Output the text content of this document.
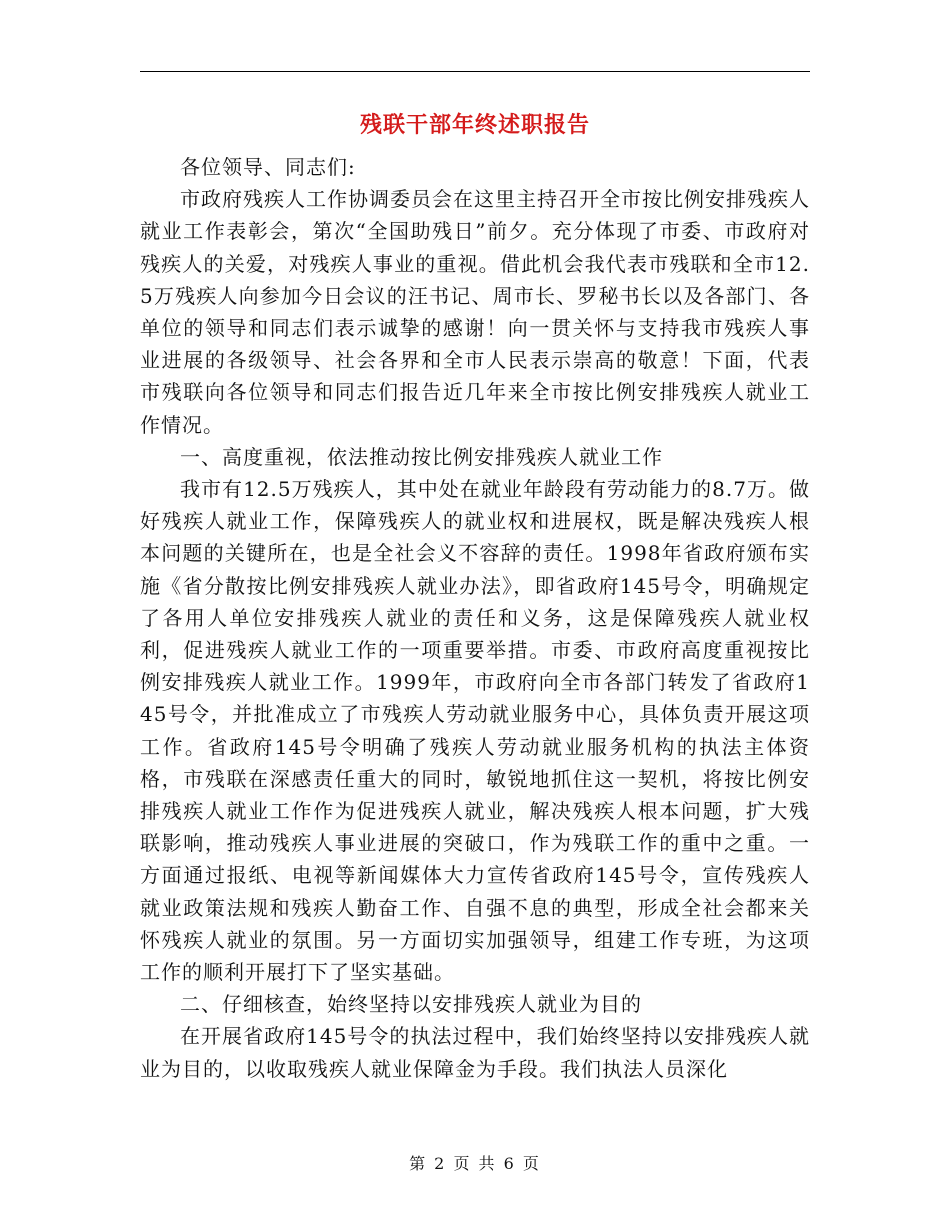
残联干部年终述职报告

各位领导、同志们:

市政府残疾人工作协调委员会在这里主持召开全市按比例安排残疾人就业工作表彰会，第次“全国助残日”前夕。充分体现了市委、市政府对残疾人的关爱，对残疾人事业的重视。借此机会我代表市残联和全市12.5万残疾人向参加今日会议的汪书记、周市长、罗秘书长以及各部门、各单位的领导和同志们表示诚挚的感谢！向一贯关怀与支持我市残疾人事业进展的各级领导、社会各界和全市人民表示崇高的敬意！下面，代表市残联向各位领导和同志们报告近几年来全市按比例安排残疾人就业工作情况。

一、高度重视，依法推动按比例安排残疾人就业工作

我市有12.5万残疾人，其中处在就业年龄段有劳动能力的8.7万。做好残疾人就业工作，保障残疾人的就业权和进展权，既是解决残疾人根本问题的关键所在，也是全社会义不容辞的责任。1998年省政府颁布实施《省分散按比例安排残疾人就业办法》，即省政府145号令，明确规定了各用人单位安排残疾人就业的责任和义务，这是保障残疾人就业权利，促进残疾人就业工作的一项重要举措。市委、市政府高度重视按比例安排残疾人就业工作。1999年，市政府向全市各部门转发了省政府145号令，并批准成立了市残疾人劳动就业服务中心，具体负责开展这项工作。省政府145号令明确了残疾人劳动就业服务机构的执法主体资格，市残联在深感责任重大的同时，敏锐地抓住这一契机，将按比例安排残疾人就业工作作为促进残疾人就业，解决残疾人根本问题，扩大残联影响，推动残疾人事业进展的突破口，作为残联工作的重中之重。一方面通过报纸、电视等新闻媒体大力宣传省政府145号令，宣传残疾人就业政策法规和残疾人勤奋工作、自强不息的典型，形成全社会都来关怀残疾人就业的氛围。另一方面切实加强领导，组建工作专班，为这项工作的顺利开展打下了坚实基础。

二、仔细核查，始终坚持以安排残疾人就业为目的

在开展省政府145号令的执法过程中，我们始终坚持以安排残疾人就业为目的，以收取残疾人就业保障金为手段。我们执法人员深化

第 2 页 共 6 页
